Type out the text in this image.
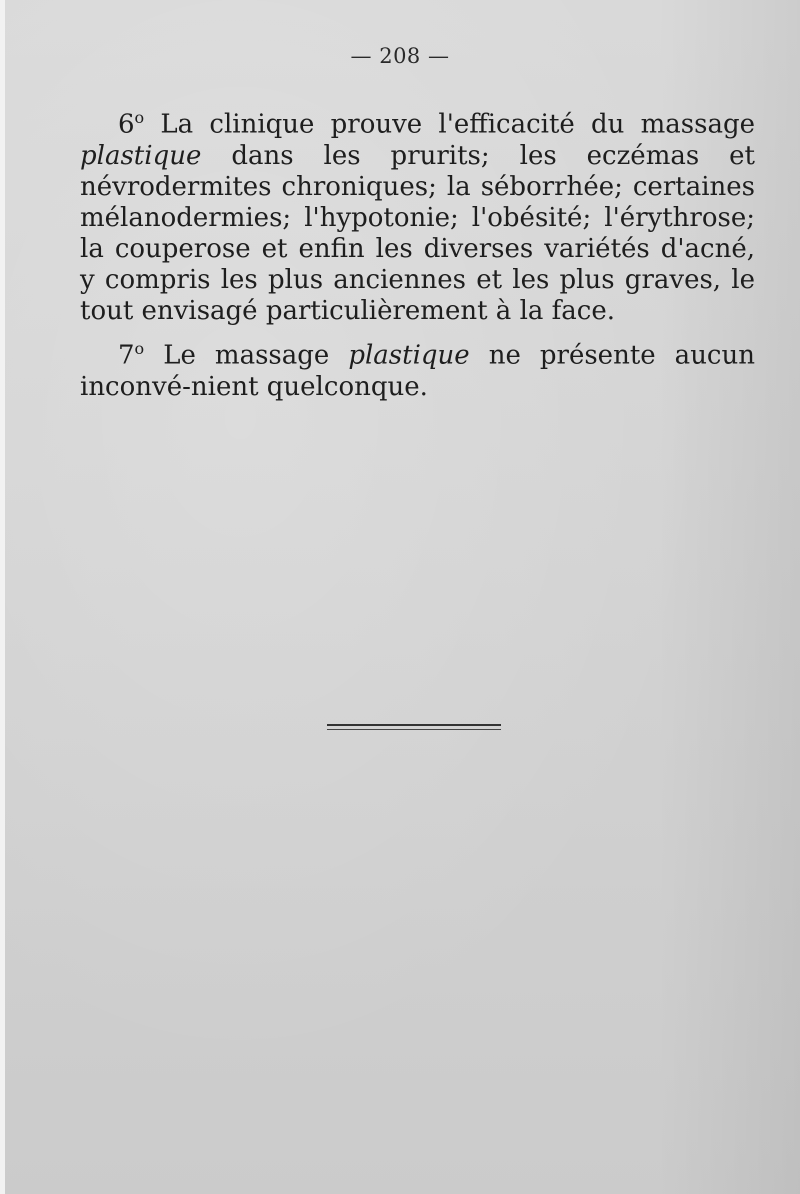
— 208 —

6$^o$ La clinique prouve l'efficacité du massage plastique dans les prurits; les eczémas et névrodermites chroniques; la séborrhée; certaines mélanodermies; l'hypotonie; l'obésité; l'érythrose; la couperose et enfin les diverses variétés d'acné, y compris les plus anciennes et les plus graves, le tout envisagé particulièrement à la face.

7$^o$ Le massage plastique ne présente aucun inconvé-nient quelconque.
